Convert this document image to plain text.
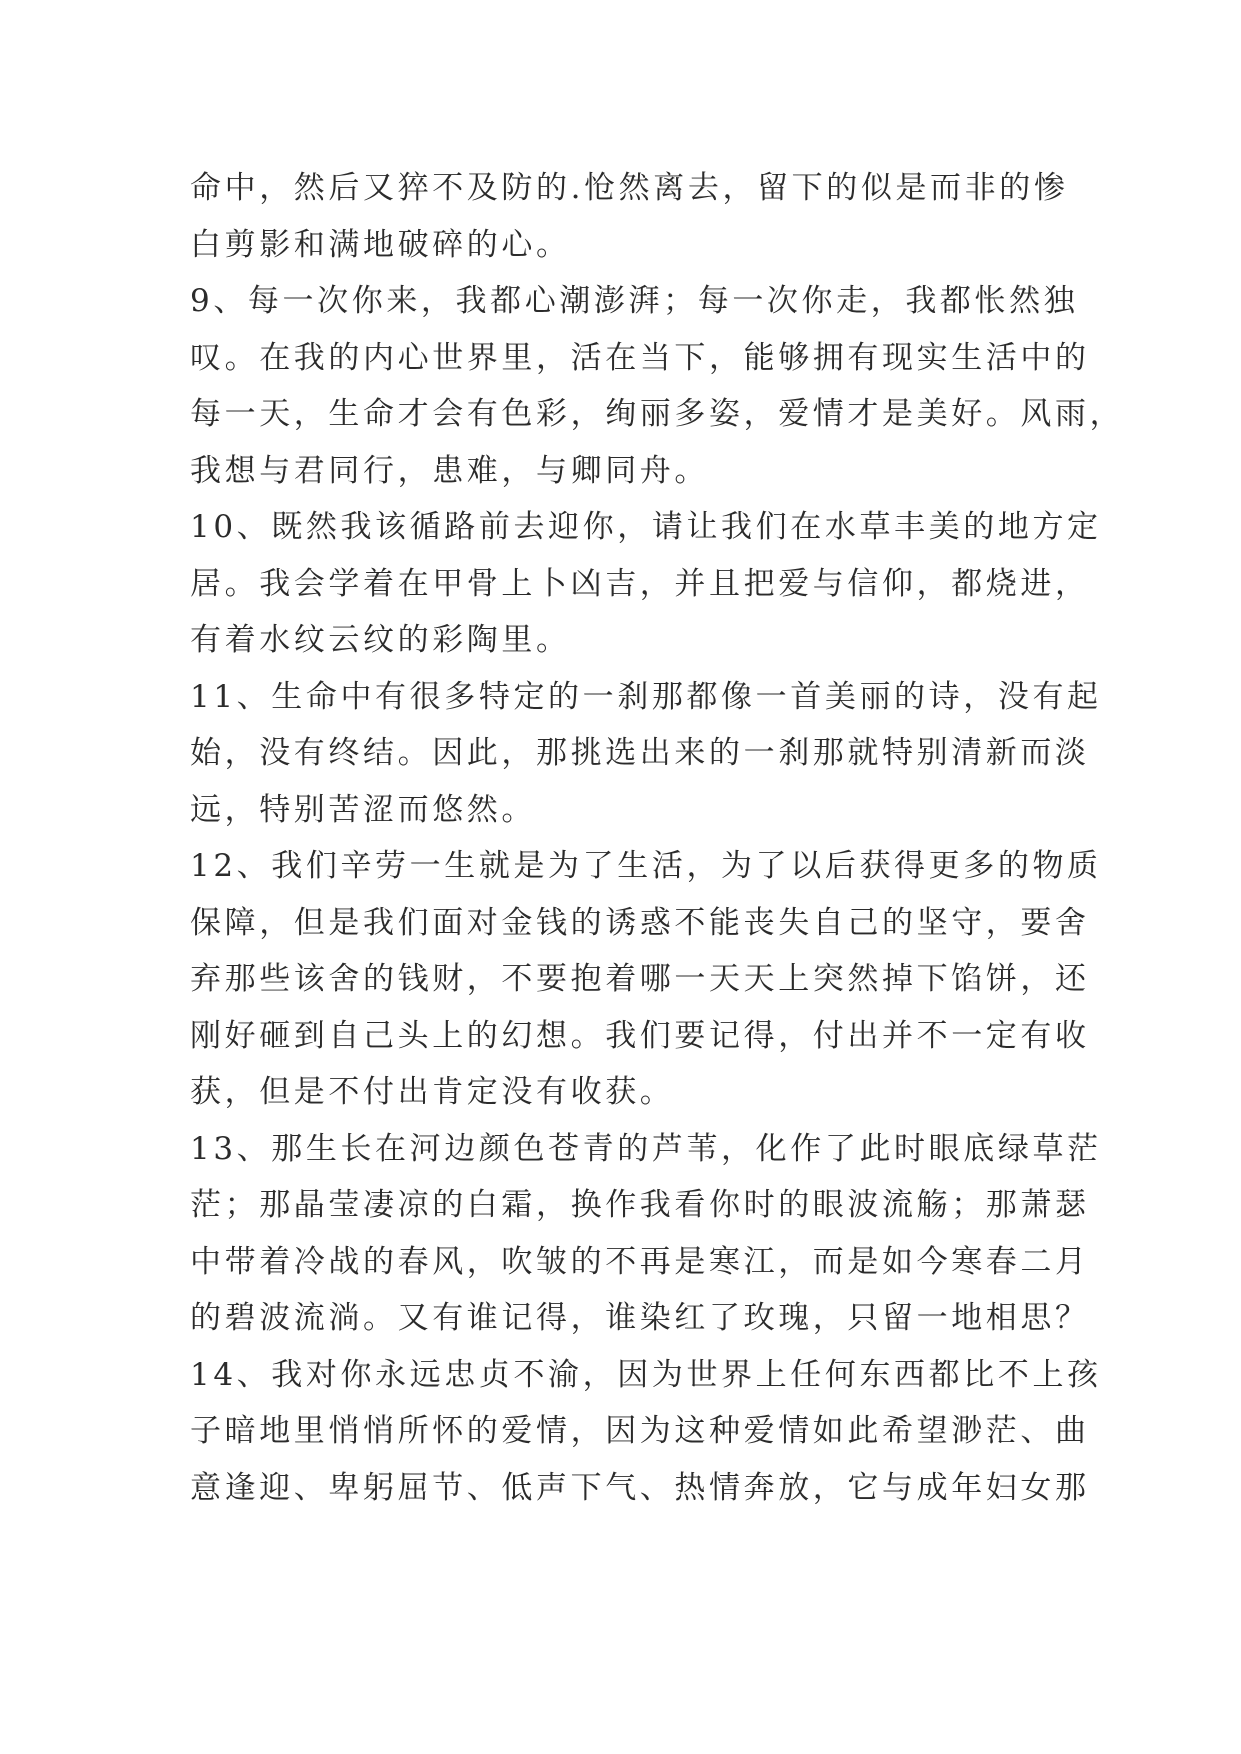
命中，然后又猝不及防的.怆然离去，留下的似是而非的惨
白剪影和满地破碎的心。
9、每一次你来，我都心潮澎湃；每一次你走，我都怅然独
叹。在我的内心世界里，活在当下，能够拥有现实生活中的
每一天，生命才会有色彩，绚丽多姿，爱情才是美好。风雨，
我想与君同行，患难，与卿同舟。
10、既然我该循路前去迎你，请让我们在水草丰美的地方定
居。我会学着在甲骨上卜凶吉，并且把爱与信仰，都烧进，
有着水纹云纹的彩陶里。
11、生命中有很多特定的一刹那都像一首美丽的诗，没有起
始，没有终结。因此，那挑选出来的一刹那就特别清新而淡
远，特别苦涩而悠然。
12、我们辛劳一生就是为了生活，为了以后获得更多的物质
保障，但是我们面对金钱的诱惑不能丧失自己的坚守，要舍
弃那些该舍的钱财，不要抱着哪一天天上突然掉下馅饼，还
刚好砸到自己头上的幻想。我们要记得，付出并不一定有收
获，但是不付出肯定没有收获。
13、那生长在河边颜色苍青的芦苇，化作了此时眼底绿草茫
茫；那晶莹凄凉的白霜，换作我看你时的眼波流觞；那萧瑟
中带着冷战的春风，吹皱的不再是寒江，而是如今寒春二月
的碧波流淌。又有谁记得，谁染红了玫瑰，只留一地相思？
14、我对你永远忠贞不渝，因为世界上任何东西都比不上孩
子暗地里悄悄所怀的爱情，因为这种爱情如此希望渺茫、曲
意逢迎、卑躬屈节、低声下气、热情奔放，它与成年妇女那
